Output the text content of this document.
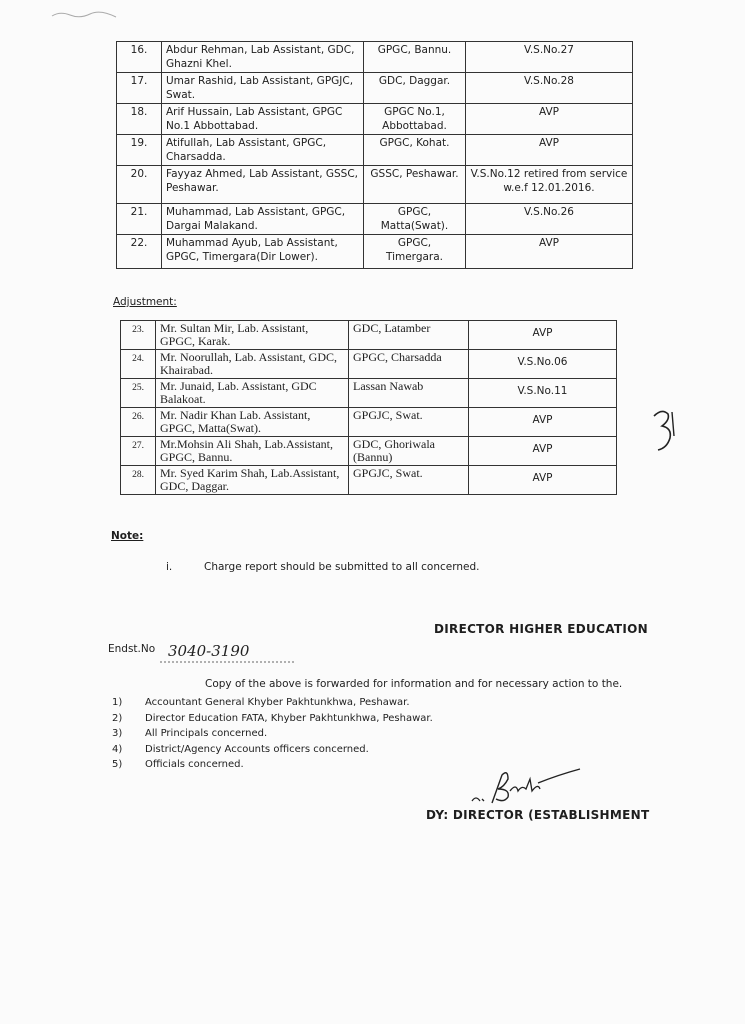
16.	Abdur Rehman, Lab Assistant, GDC, Ghazni Khel.	GPGC, Bannu.	V.S.No.27
17.	Umar Rashid, Lab Assistant, GPGJC, Swat.	GDC, Daggar.	V.S.No.28
18.	Arif Hussain, Lab Assistant, GPGC No.1 Abbottabad.	GPGC No.1, Abbottabad.	AVP
19.	Atifullah, Lab Assistant, GPGC, Charsadda.	GPGC, Kohat.	AVP
20.	Fayyaz Ahmed, Lab Assistant, GSSC, Peshawar.	GSSC, Peshawar.	V.S.No.12 retired from service w.e.f 12.01.2016.
21.	Muhammad, Lab Assistant, GPGC, Dargai Malakand.	GPGC, Matta(Swat).	V.S.No.26
22.	Muhammad Ayub, Lab Assistant, GPGC, Timergara(Dir Lower).	GPGC, Timergara.	AVP
Adjustment:
23.	Mr. Sultan Mir, Lab. Assistant, GPGC, Karak.	GDC, Latamber	AVP
24.	Mr. Noorullah, Lab. Assistant, GDC, Khairabad.	GPGC, Charsadda	V.S.No.06
25.	Mr. Junaid, Lab. Assistant, GDC Balakoat.	Lassan Nawab	V.S.No.11
26.	Mr. Nadir Khan Lab. Assistant, GPGC, Matta(Swat).	GPGJC, Swat.	AVP
27.	Mr.Mohsin Ali Shah, Lab.Assistant, GPGC, Bannu.	GDC, Ghoriwala (Bannu)	AVP
28.	Mr. Syed Karim Shah, Lab.Assistant, GDC, Daggar.	GPGJC, Swat.	AVP
Note:
i.	Charge report should be submitted to all concerned.
DIRECTOR HIGHER EDUCATION
Endst.No 3040-3190
Copy of the above is forwarded for information and for necessary action to the.
1) Accountant General Khyber Pakhtunkhwa, Peshawar.
2) Director Education FATA, Khyber Pakhtunkhwa, Peshawar.
3) All Principals concerned.
4) District/Agency Accounts officers concerned.
5) Officials concerned.
DY: DIRECTOR (ESTABLISHMENT
